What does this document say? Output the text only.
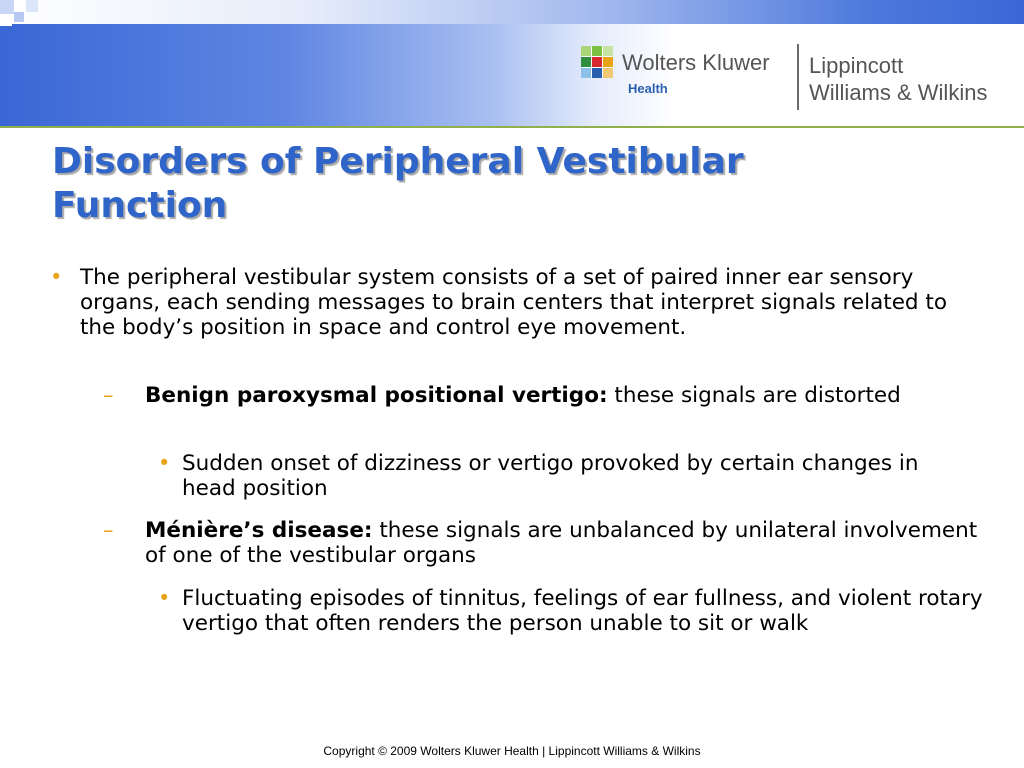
Wolters Kluwer
Health
Lippincott
Williams & Wilkins
Disorders of Peripheral Vestibular
Function
• The peripheral vestibular system consists of a set of paired inner ear sensory organs, each sending messages to brain centers that interpret signals related to the body’s position in space and control eye movement.
– Benign paroxysmal positional vertigo: these signals are distorted
• Sudden onset of dizziness or vertigo provoked by certain changes in head position
– Ménière’s disease: these signals are unbalanced by unilateral involvement of one of the vestibular organs
• Fluctuating episodes of tinnitus, feelings of ear fullness, and violent rotary vertigo that often renders the person unable to sit or walk
Copyright © 2009 Wolters Kluwer Health | Lippincott Williams & Wilkins
